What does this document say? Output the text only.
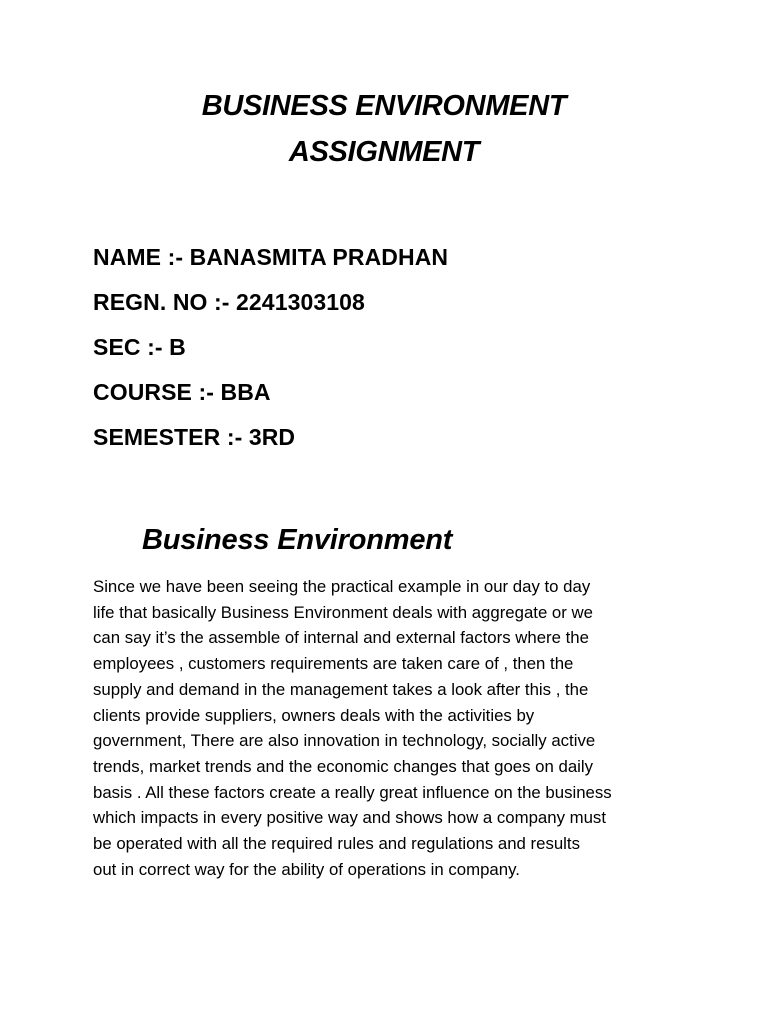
BUSINESS ENVIRONMENT
ASSIGNMENT
NAME :- BANASMITA PRADHAN
REGN. NO :- 2241303108
SEC :- B
COURSE :- BBA
SEMESTER :- 3RD
Business Environment
Since we have been seeing the practical example in our day to day
life that basically Business Environment deals with aggregate or we
can say it’s the assemble of internal and external factors where the
employees , customers requirements are taken care of , then the
supply and demand in the management takes a look after this , the
clients provide suppliers, owners deals with the activities by
government, There are also innovation in technology, socially active
trends, market trends and the economic changes that goes on daily
basis . All these factors create a really great influence on the business
which impacts in every positive way and shows how a company must
be operated with all the required rules and regulations and results
out in correct way for the ability of operations in company.
